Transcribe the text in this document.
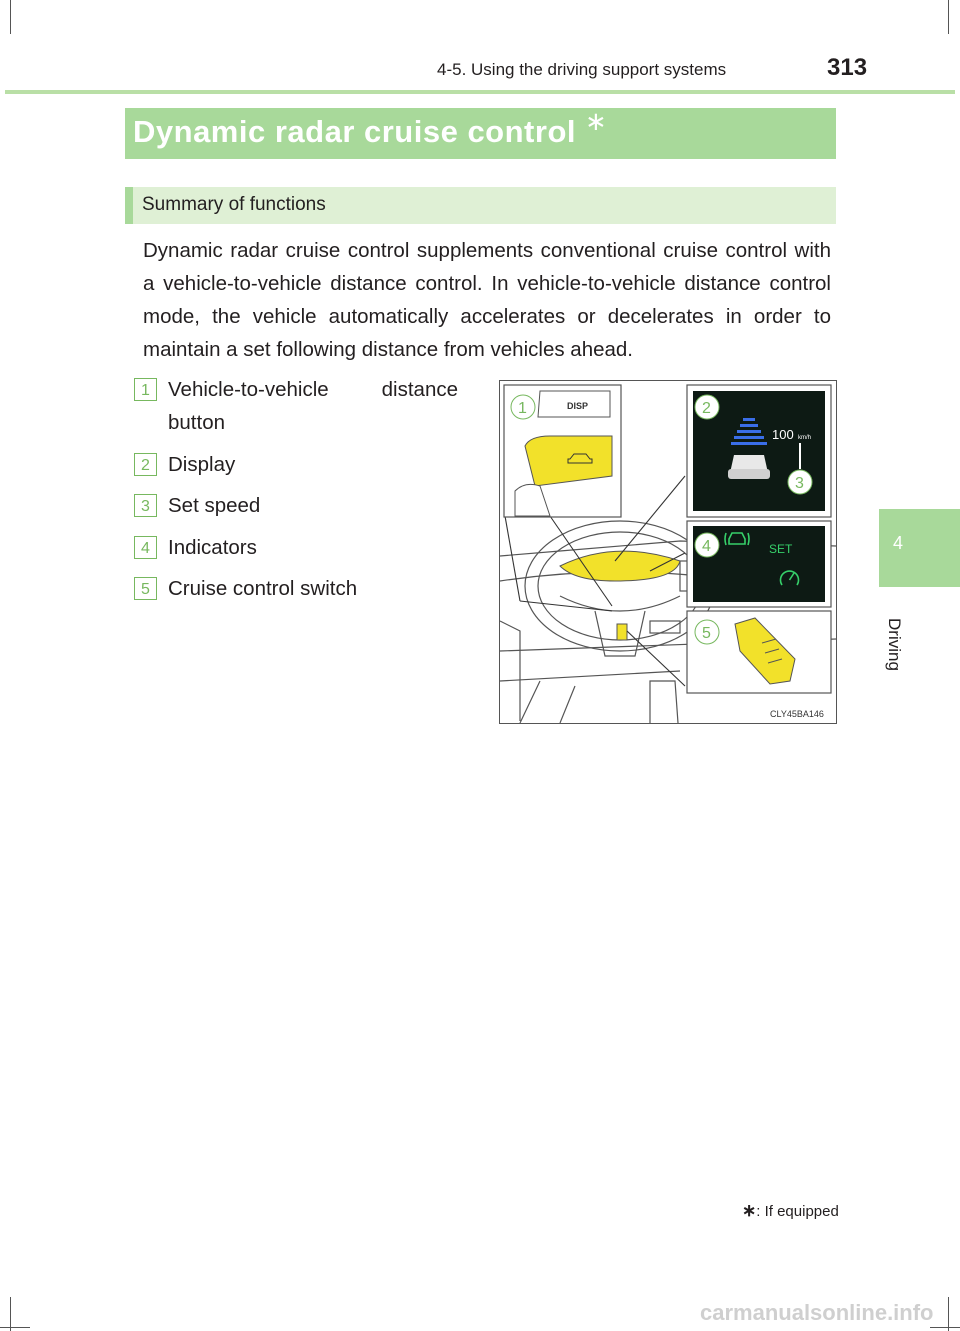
4-5. Using the driving support systems	313
4
Driving
Dynamic radar cruise control ∗
Summary of functions
Dynamic radar cruise control supplements conventional cruise control with a vehicle-to-vehicle distance control. In vehicle-to-vehicle distance control mode, the vehicle automatically accelerates or decelerates in order to maintain a set following distance from vehicles ahead.
1 Vehicle-to-vehicle distance button
2 Display
3 Set speed
4 Indicators
5 Cruise control switch
DISP
100 km/h
SET
1	2
3
4
5
CLY45BA146
∗: If equipped
carmanualsonline.info
